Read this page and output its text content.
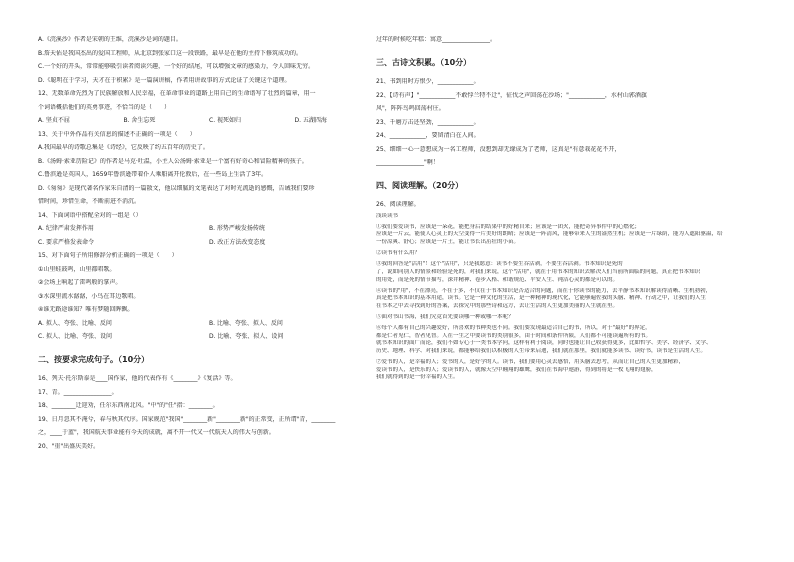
A.《浣溪沙》作者是宋朝的王维，浣溪沙是词的题目。
B.詹天佑是我国杰出的爱国工程师，从北京到张家口这一段铁路，最早是在他的主持下修筑成功的。
C.一个好的开头，常常能够吸引读者阅读兴趣，一个好的结尾，可以增强文章的感染力，令人回味无穷。
D.《聪明在于学习，天才在于积累》是一篇演讲稿，作者用讲故事的方式论证了关键这个道理。
12、无数革命先烈为了民族解放和人民幸福，在革命事业的道路上用自己的生命谱写了壮烈的篇章，用一
个词语概括他们的英勇事迹，不恰当的是（　　）
A. 坚贞不屈	B. 舍生忘死	C. 视死如归	D. 五湖四海
13、关于中外作品有关信息的描述不正确的一项是（　　）
A.我国最早的诗歌总集是《诗经》，它反映了约五百年的历史了。
B.《汤姆·索亚历险记》的作者是马克·吐温，小主人公汤姆·索亚是一个富有好奇心和冒险精神的孩子。
C.鲁滨逊是英国人，1659年鲁滨逊带着仆人乘船离开伦敦后，在一些岛上生活了3年。
D.《匆匆》是现代著名作家朱自清的一篇散文，他以细腻的文笔表达了对时光流逝的感慨，告诫我们要珍
惜时间，珍惜生命，不断前进不消沉。
14、下面词语中搭配全对的一组是（）
A. 纪律严肃发挥作用	B. 形势严峻发扬传统
C. 要求严格发表命令	D. 改正方法改变态度
15、对下面句子所用修辞分析正确的一项是（　　）
①山里蛙鼓鸣，山里都唱歌。
②会场上响起了雷鸣般的掌声。
③水深里流水潺潺，小鸟在耳边歌唱。
④谁无路途谁知？唯有梦随回眸飘。
A. 拟人、夸张、比喻、反问	B. 比喻、夸张、拟人、反问
C. 拟人、比喻、夸张、设问	D. 比喻、夸张、拟人、设问
二、按要求完成句子。（10分）
16、列夫·托尔斯泰是____国作家，他的代表作有《________》《复活》等。
17、青。________________。
18、________迁迎劝，任尔东西南北风。"中"的"任"指：________。
19、日月忽其不淹兮，春与秋其代序。国家规范"我国"________新"________新"的正常变，正所谓"青，________
之，____于蓝"，我国航天事业能有今天的成就，离不开一代又一代航天人的伟大与创新。
20、"重"出盛庆美好。
过年的时候吃年糕：寓意________________。
三、古诗文积累。（10分）
21、书到用时方恨少，____________。
22、【诗有声】"____________不敢悖兰特不迁"，征伐之声回荡在沙场；"____________，水村山郭酒旗
风"，阵阵鸟鸣回荡村庄。
23、千磨万击还坚劲，____________。
24、____________，要留清白在人间。
25、细细一心一意想成为一名工程师，没想到却无缘成为了老师，这真是"有意栽花花不开，
________________"啊！
四、阅读理解。（20分）
26、阅读理解。
浅谈读书
①我们要爱读书，应该是一朵花，能把身后的结果中的好精自来；应该是一团火，能把奇异事件中的心燃化；
应该是一片云，能使人心灵上的天空变得一片美好的朗晴；应该是一阵清风，能够带来人生的盎然生机；应该是一片绿荫，能为人遮阳驱温，给
一份凉爽、舒心；应该是一片土，能让书长出茁壮的小苗。
②读书有什么用？
③我的回答是"活用"！这个"活用"，只是我愿意：读书不要生吞活剥，不要生吞活剥。书本知识是死的
了，说如同别人的情景和经验是死的，对我们来说，这个"活用"，就在于用书本的知识去解决人们当前所面临的问题，真正把书本知识
的用处，而是死的情节描写，深井精神、卷步入格、和谐规范、平安人生、钝洁心灵的都是可以的。
④读书的"用"，不在漂亮，不在于多，不仅在于书本知识是否适合的问题，而在于你读书的能力，去平静书本知识解读得清晰、生机勃勃，
真是把书本知识的基本用途，读书。它是一种文化的生活，是一种精神的现代化，它能够遍佐我的头脑、精神、行动之中，让我们的人生
在书本之中去寻找到好的答案，去探究中的那些诗和远方，去让生活的人生更加美丽的人生就在里。
⑤面对书山书海，我们究竟首先要读哪一种或哪一本呢？
⑥每个人都有自己的兴趣爱好，所喜欢的书种类也不同。我们要发现最适合自己的书，所以，对于"最好"的界定，
都是仁者见仁，智者见智。人在一生之中要读书的类别很多，由于时间和条件所限，人们都不可能读遍所有的书。
就书本知识的面广而论，我们不如专心于一类书本学问，这样有利于阅读，同时也能让自己收获得更多，比如哲学、美学、经济学、文学、
历史、地理、科学、对我们来说，都能够给我们以积极的人生带来启迪，我们就在那里，我们就能多读书、读好书，读书是生活的人生。
⑦爱书的人，是幸福的人；爱书的人，是好学的人。读书，我们要用心灵去感悟，用头脑去思考，从而让自己的人生更加精彩，
爱读书的人，是快乐的人；爱读书的人，就像天空中翱翔的雄鹰，我们在书海中遨游，得到的将是一枚飞翔的翅膀，
我们就得到的是一份幸福的人生。
